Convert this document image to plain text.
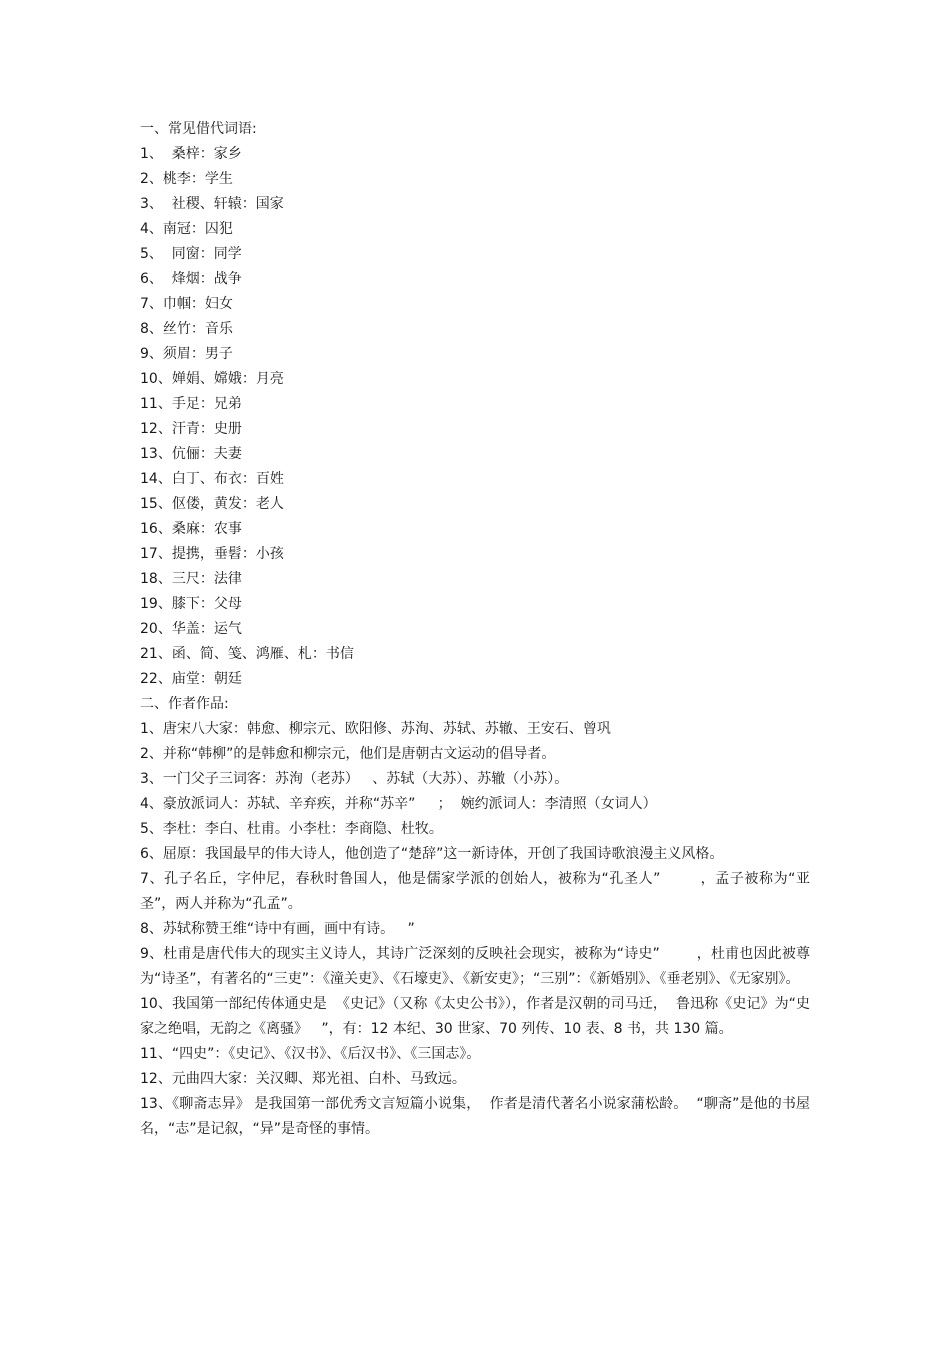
一、常见借代词语:

1、  桑梓：家乡

2、桃李：学生

3、  社稷、轩辕：国家

4、南冠：囚犯

5、  同窗：同学

6、  烽烟：战争

7、巾帼：妇女

8、丝竹：音乐

9、须眉：男子

10、婵娟、嫦娥：月亮

11、手足：兄弟

12、汗青：史册

13、伉俪：夫妻

14、白丁、布衣：百姓

15、伛偻，黄发：老人

16、桑麻：农事

17、提携，垂髫：小孩

18、三尺：法律

19、膝下：父母

20、华盖：运气

21、函、简、笺、鸿雁、札：书信

22、庙堂：朝廷

二、作者作品:

1、唐宋八大家：韩愈、柳宗元、欧阳修、苏洵、苏轼、苏辙、王安石、曾巩

2、并称“韩柳”的是韩愈和柳宗元，他们是唐朝古文运动的倡导者。

3、一门父子三词客：苏洵（老苏）   、苏轼（大苏）、苏辙（小苏）。

4、豪放派词人：苏轼、辛弃疾，并称“苏辛”     ；  婉约派词人：李清照（女词人）

5、李杜：李白、杜甫。小李杜：李商隐、杜牧。

6、屈原：我国最早的伟大诗人，他创造了“楚辞”这一新诗体，开创了我国诗歌浪漫主义风格。

7、孔子名丘，字仲尼，春秋时鲁国人，他是儒家学派的创始人，被称为“孔圣人”        ，孟子被称为“亚圣”，两人并称为“孔孟”。

8、苏轼称赞王维“诗中有画，画中有诗。   ”

9、杜甫是唐代伟大的现实主义诗人，其诗广泛深刻的反映社会现实，被称为“诗史”        ，杜甫也因此被尊为“诗圣”，有著名的“三吏”：《潼关吏》、《石壕吏》、《新安吏》；“三别”：《新婚别》、《垂老别》、《无家别》。

10、我国第一部纪传体通史是  《史记》（又称《太史公书》），作者是汉朝的司马迁，  鲁迅称《史记》为“史家之绝唱，无韵之《离骚》   ”，有：12 本纪、30 世家、70 列传、10 表、8 书，共 130 篇。

11、“四史”：《史记》、《汉书》、《后汉书》、《三国志》。

12、元曲四大家：关汉卿、郑光祖、白朴、马致远。

13、《聊斋志异》 是我国第一部优秀文言短篇小说集，  作者是清代著名小说家蒲松龄。  “聊斋”是他的书屋名，“志”是记叙，“异”是奇怪的事情。
